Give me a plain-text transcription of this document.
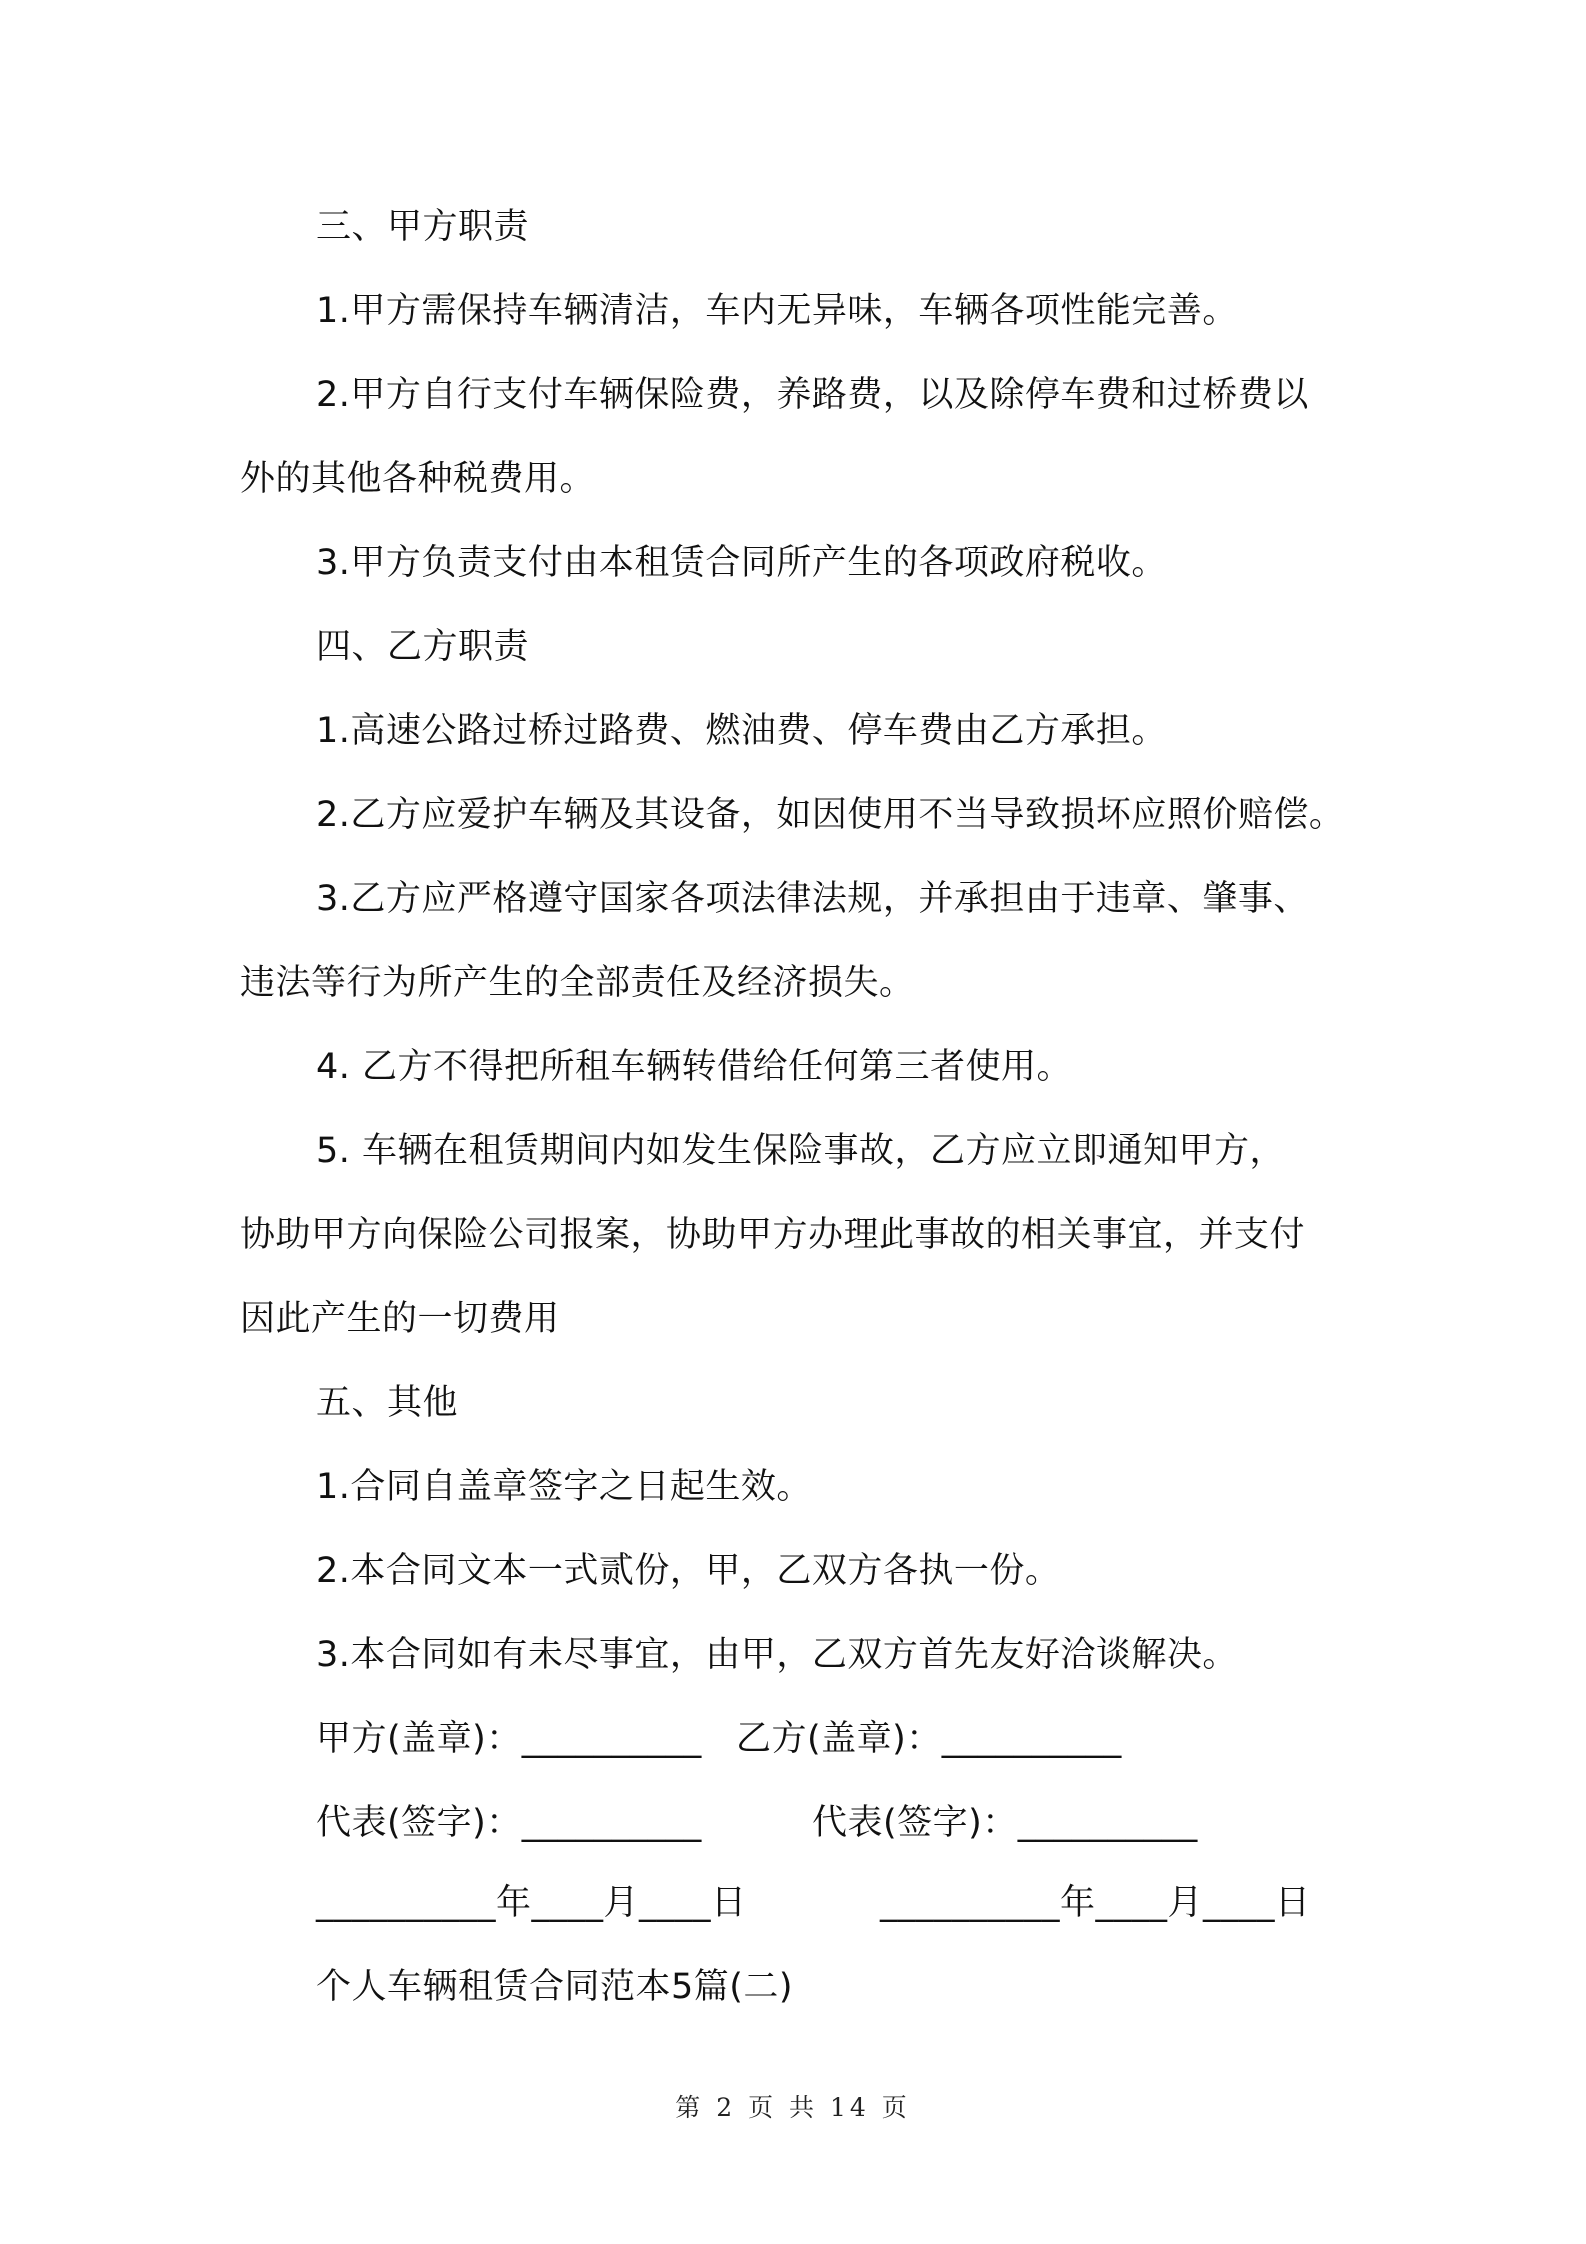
三、甲方职责
1.甲方需保持车辆清洁，车内无异味，车辆各项性能完善。
2.甲方自行支付车辆保险费，养路费，以及除停车费和过桥费以
外的其他各种税费用。
3.甲方负责支付由本租赁合同所产生的各项政府税收。
四、乙方职责
1.高速公路过桥过路费、燃油费、停车费由乙方承担。
2.乙方应爱护车辆及其设备，如因使用不当导致损坏应照价赔偿。
3.乙方应严格遵守国家各项法律法规，并承担由于违章、肇事、
违法等行为所产生的全部责任及经济损失。
4. 乙方不得把所租车辆转借给任何第三者使用。
5. 车辆在租赁期间内如发生保险事故，乙方应立即通知甲方，
协助甲方向保险公司报案，协助甲方办理此事故的相关事宜，并支付
因此产生的一切费用
五、其他
1.合同自盖章签字之日起生效。
2.本合同文本一式贰份，甲，乙双方各执一份。
3.本合同如有未尽事宜，由甲，乙双方首先友好洽谈解决。
甲方(盖章)：__________ 乙方(盖章)：__________
代表(签字)：__________	代表(签字)：__________
__________年____月____日	__________年____月____日
个人车辆租赁合同范本5篇(二)
第 2 页 共 14 页
